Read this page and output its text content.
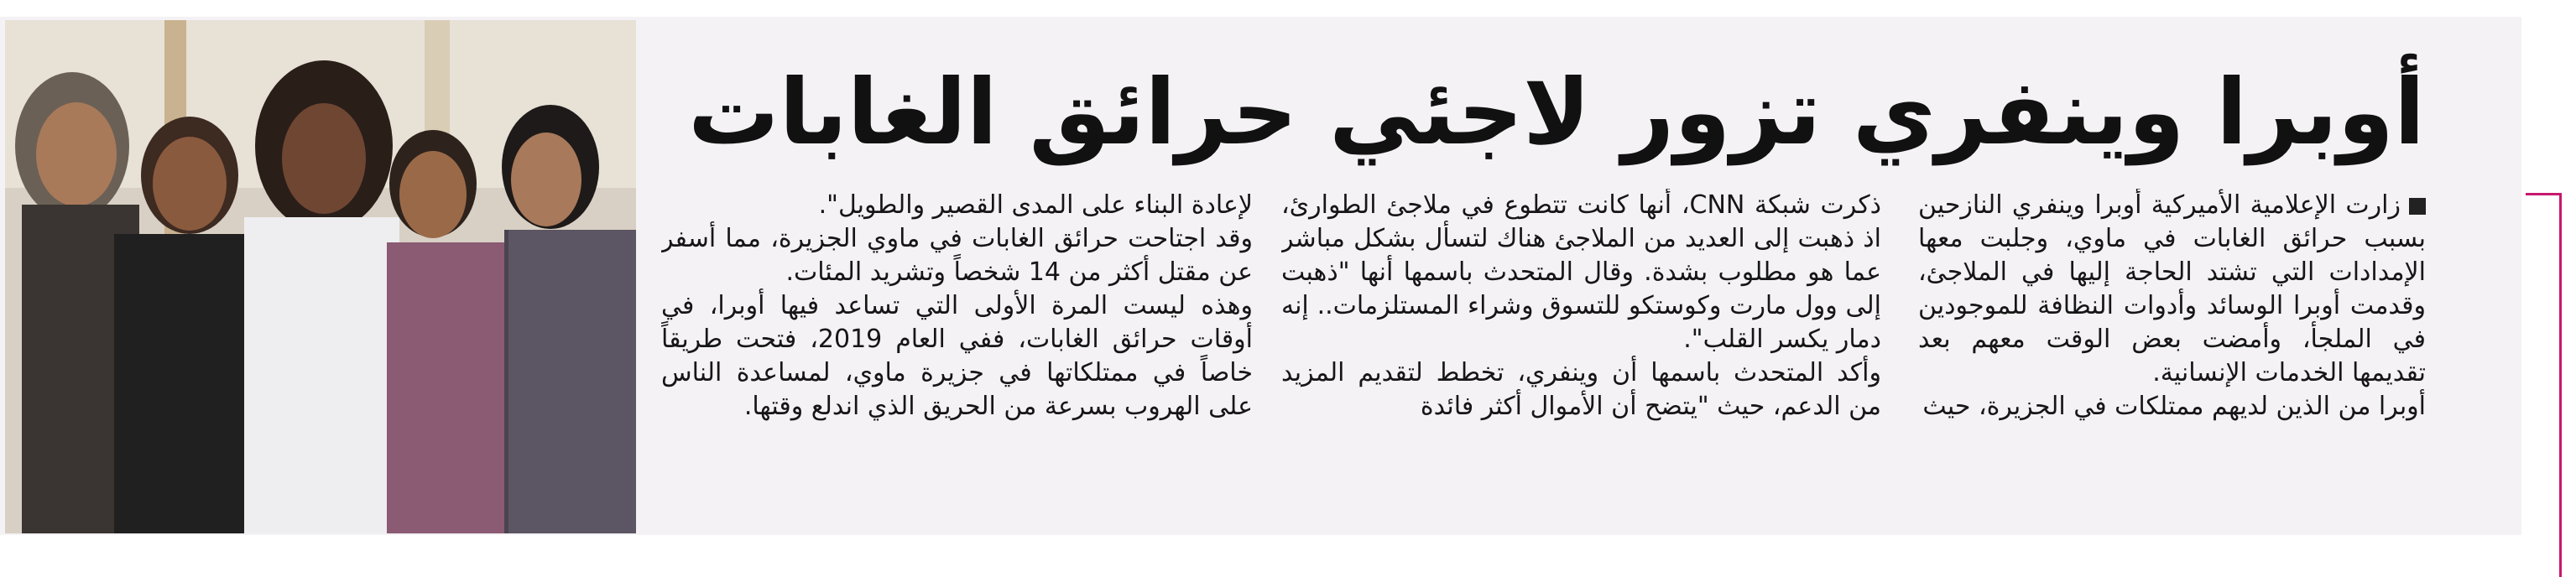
أوبرا وينفري تزور لاجئي حرائق الغابات

زارت الإعلامية الأميركية أوبرا وينفري النازحين بسبب حرائق الغابات في ماوي، وجلبت معها الإمدادات التي تشتد الحاجة إليها في الملاجئ، وقدمت أوبرا الوسائد وأدوات النظافة للموجودين في الملجأ، وأمضت بعض الوقت معهم بعد تقديمها الخدمات الإنسانية.

أوبرا من الذين لديهم ممتلكات في الجزيرة، حيث

ذكرت شبكة CNN، أنها كانت تتطوع في ملاجئ الطوارئ، اذ ذهبت إلى العديد من الملاجئ هناك لتسأل بشكل مباشر عما هو مطلوب بشدة. وقال المتحدث باسمها أنها "ذهبت إلى وول مارت وكوستكو للتسوق وشراء المستلزمات.. إنه دمار يكسر القلب".

وأكد المتحدث باسمها أن وينفري، تخطط لتقديم المزيد من الدعم، حيث "يتضح أن الأموال أكثر فائدة

لإعادة البناء على المدى القصير والطويل".

وقد اجتاحت حرائق الغابات في ماوي الجزيرة، مما أسفر عن مقتل أكثر من 14 شخصاً وتشريد المئات.

وهذه ليست المرة الأولى التي تساعد فيها أوبرا، في أوقات حرائق الغابات، ففي العام 2019، فتحت طريقاً خاصاً في ممتلكاتها في جزيرة ماوي، لمساعدة الناس على الهروب بسرعة من الحريق الذي اندلع وقتها.
